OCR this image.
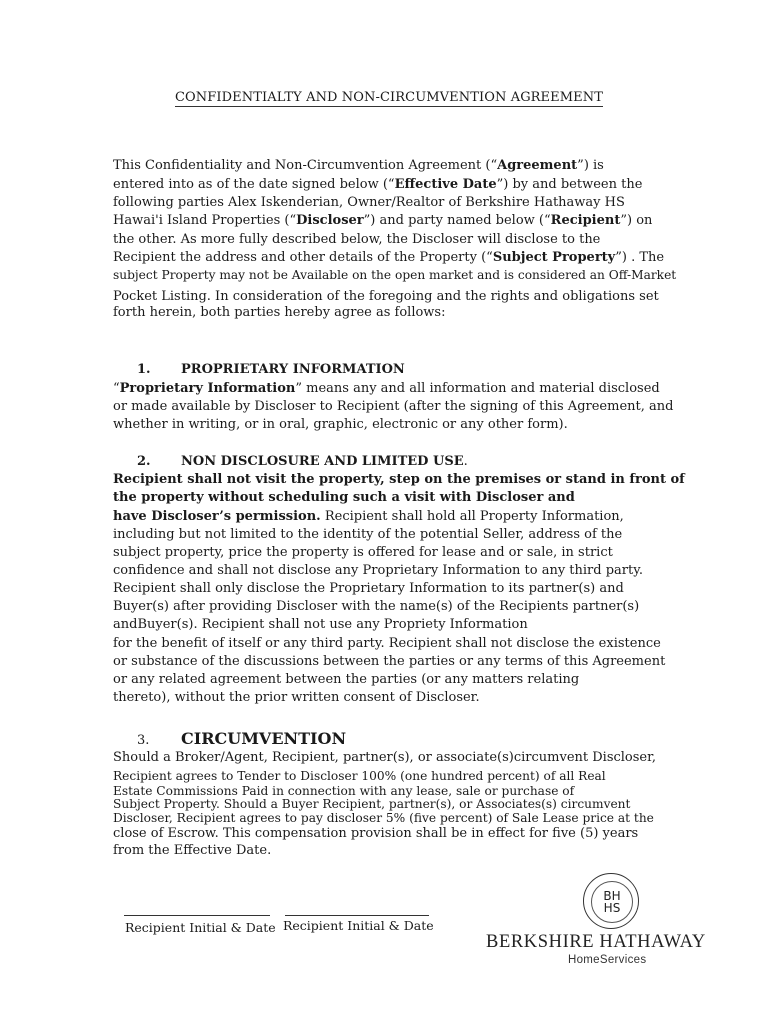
CONFIDENTIALTY AND NON-CIRCUMVENTION AGREEMENT
This Confidentiality and Non-Circumvention Agreement (“Agreement”) is
entered into as of the date signed below (“Effective Date”) by and between the
following parties Alex Iskenderian, Owner/Realtor of Berkshire Hathaway HS
Hawai'i Island Properties (“Discloser”) and party named below (“Recipient”) on
the other. As more fully described below, the Discloser will disclose to the
Recipient the address and other details of the Property (“Subject Property”) . The
subject Property may not be Available on the open market and is considered an Off-Market
Pocket Listing. In consideration of the foregoing and the rights and obligations set
forth herein, both parties hereby agree as follows:
1. PROPRIETARY INFORMATION
“Proprietary Information” means any and all information and material disclosed
or made available by Discloser to Recipient (after the signing of this Agreement, and
whether in writing, or in oral, graphic, electronic or any other form).
2. NON DISCLOSURE AND LIMITED USE.
Recipient shall not visit the property, step on the premises or stand in front of
the property without scheduling such a visit with Discloser and
have Discloser’s permission. Recipient shall hold all Property Information,
including but not limited to the identity of the potential Seller, address of the
subject property, price the property is offered for lease and or sale, in strict
confidence and shall not disclose any Proprietary Information to any third party.
Recipient shall only disclose the Proprietary Information to its partner(s) and
Buyer(s) after providing Discloser with the name(s) of the Recipients partner(s)
andBuyer(s). Recipient shall not use any Propriety Information
for the benefit of itself or any third party. Recipient shall not disclose the existence
or substance of the discussions between the parties or any terms of this Agreement
or any related agreement between the parties (or any matters relating
thereto), without the prior written consent of Discloser.
3. CIRCUMVENTION
Should a Broker/Agent, Recipient, partner(s), or associate(s)circumvent Discloser,
Recipient agrees to Tender to Discloser 100% (one hundred percent) of all Real
Estate Commissions Paid in connection with any lease, sale or purchase of
Subject Property. Should a Buyer Recipient, partner(s), or Associates(s) circumvent
Discloser, Recipient agrees to pay discloser 5% (five percent) of Sale Lease price at the
close of Escrow. This compensation provision shall be in effect for five (5) years
from the Effective Date.
Recipient Initial & Date Recipient Initial & Date
BH
HS
BERKSHIRE HATHAWAY
HomeServices
